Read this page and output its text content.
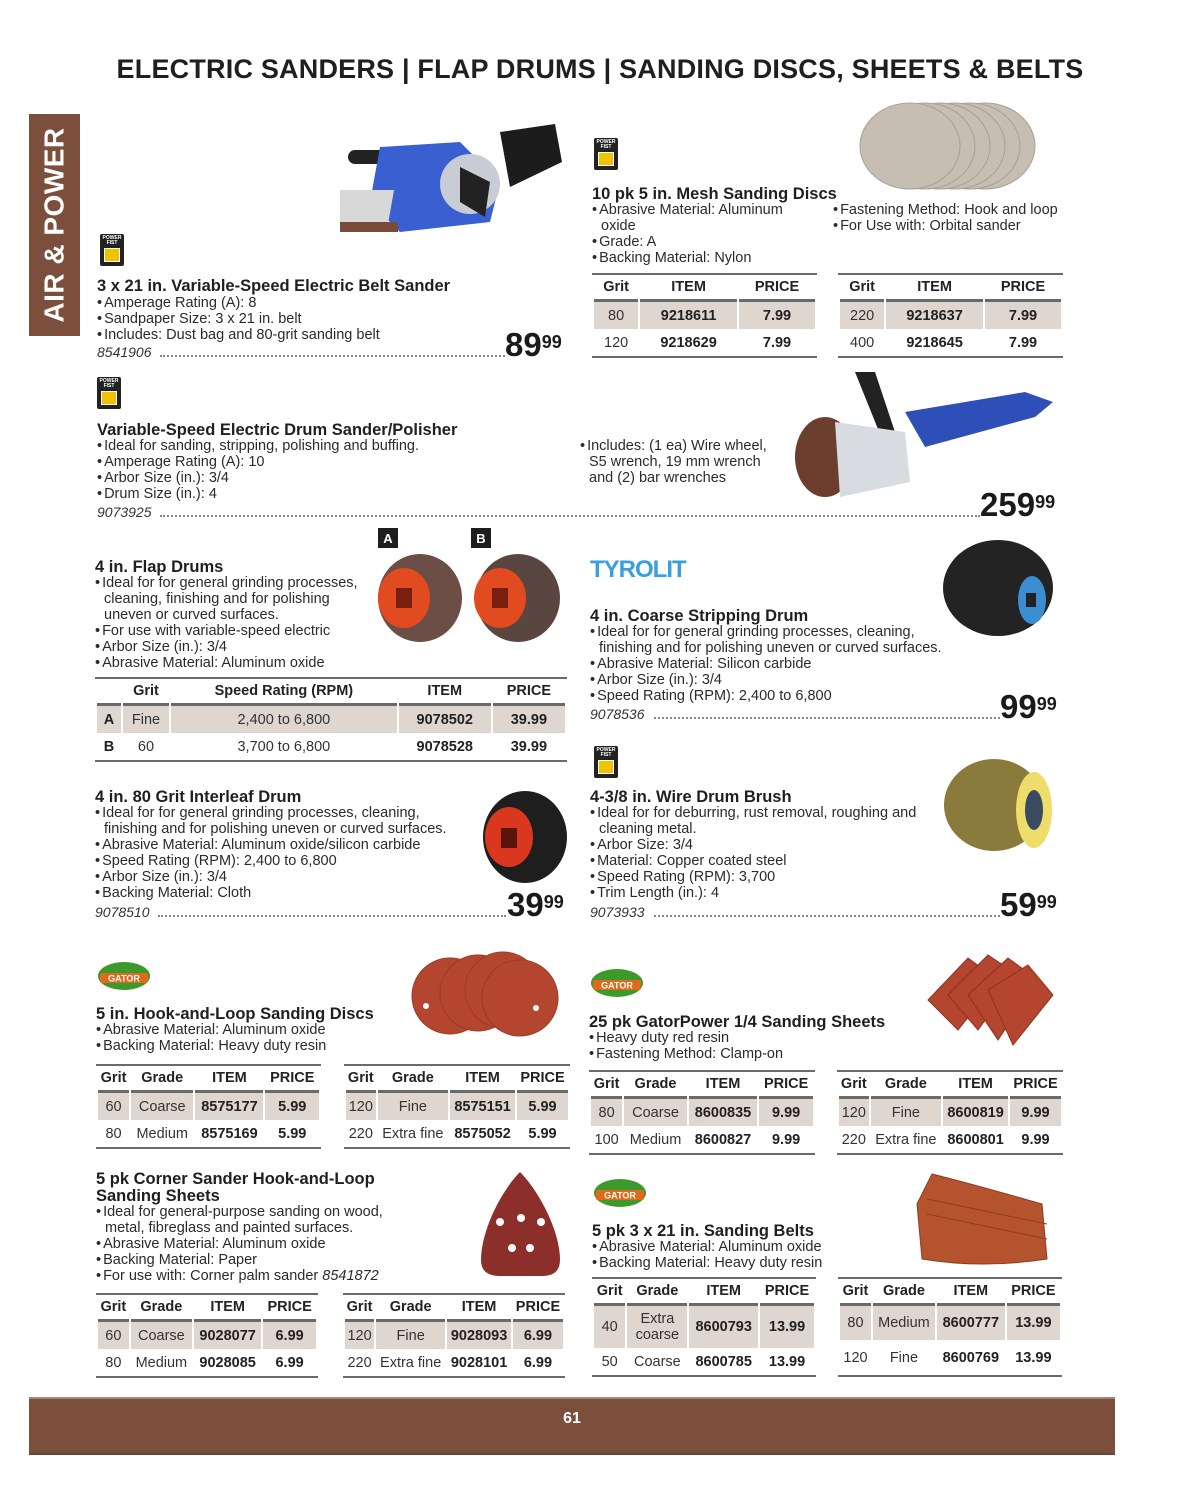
ELECTRIC SANDERS | FLAP DRUMS | SANDING DISCS, SHEETS & BELTS
AIR & POWER	POWER FIST
3 x 21 in. Variable-Speed Electric Belt Sander
• Amperage Rating (A): 8
• Sandpaper Size: 3 x 21 in. belt
• Includes: Dust bag and 80-grit sanding belt
8541906	$89^{99}$
POWER FIST
10 pk 5 in. Mesh Sanding Discs
• Abrasive Material: Aluminum oxide
• Grade: A
• Backing Material: Nylon
• Fastening Method: Hook and loop
• For Use with: Orbital sander
Grit	ITEM	PRICE
80	9218611	7.99
120	9218629	7.99
Grit	ITEM	PRICE
220	9218637	7.99
400	9218645	7.99
POWER FIST
Variable-Speed Electric Drum Sander/Polisher
• Ideal for sanding, stripping, polishing and buffing.
• Amperage Rating (A): 10
• Arbor Size (in.): 3/4
• Drum Size (in.): 4
• Includes: (1 ea) Wire wheel, S5 wrench, 19 mm wrench and (2) bar wrenches
9073925	$259^{99}$
A	B
4 in. Flap Drums
• Ideal for for general grinding processes, cleaning, finishing and for polishing uneven or curved surfaces.
• For use with variable-speed electric
• Arbor Size (in.): 3/4
• Abrasive Material: Aluminum oxide
	Grit	Speed Rating (RPM)	ITEM	PRICE
A	Fine	2,400 to 6,800	9078502	39.99
B	60	3,700 to 6,800	9078528	39.99
TYROLIT
4 in. Coarse Stripping Drum
• Ideal for for general grinding processes, cleaning, finishing and for polishing uneven or curved surfaces.
• Abrasive Material: Silicon carbide
• Arbor Size (in.): 3/4
• Speed Rating (RPM): 2,400 to 6,800
9078536	$99^{99}$
4 in. 80 Grit Interleaf Drum
• Ideal for for general grinding processes, cleaning, finishing and for polishing uneven or curved surfaces.
• Abrasive Material: Aluminum oxide/silicon carbide
• Speed Rating (RPM): 2,400 to 6,800
• Arbor Size (in.): 3/4
• Backing Material: Cloth
9078510	$39^{99}$
POWER FIST
4-3/8 in. Wire Drum Brush
• Ideal for for deburring, rust removal, roughing and cleaning metal.
• Arbor Size: 3/4
• Material: Copper coated steel
• Speed Rating (RPM): 3,700
• Trim Length (in.): 4
9073933	$59^{99}$
GATOR
5 in. Hook-and-Loop Sanding Discs
• Abrasive Material: Aluminum oxide
• Backing Material: Heavy duty resin
Grit	Grade	ITEM	PRICE
60	Coarse	8575177	5.99
80	Medium	8575169	5.99
Grit	Grade	ITEM	PRICE
120	Fine	8575151	5.99
220	Extra fine	8575052	5.99
GATOR
25 pk GatorPower 1/4 Sanding Sheets
• Heavy duty red resin
• Fastening Method: Clamp-on
Grit	Grade	ITEM	PRICE
80	Coarse	8600835	9.99
100	Medium	8600827	9.99
Grit	Grade	ITEM	PRICE
120	Fine	8600819	9.99
220	Extra fine	8600801	9.99
5 pk Corner Sander Hook-and-Loop
Sanding Sheets
• Ideal for general-purpose sanding on wood, metal, fibreglass and painted surfaces.
• Abrasive Material: Aluminum oxide
• Backing Material: Paper
• For use with: Corner palm sander 8541872
Grit	Grade	ITEM	PRICE
60	Coarse	9028077	6.99
80	Medium	9028085	6.99
Grit	Grade	ITEM	PRICE
120	Fine	9028093	6.99
220	Extra fine	9028101	6.99
GATOR
5 pk 3 x 21 in. Sanding Belts
• Abrasive Material: Aluminum oxide
• Backing Material: Heavy duty resin
Grit	Grade	ITEM	PRICE
40	Extra coarse	8600793	13.99
50	Coarse	8600785	13.99
Grit	Grade	ITEM	PRICE
80	Medium	8600777	13.99
120	Fine	8600769	13.99
61
